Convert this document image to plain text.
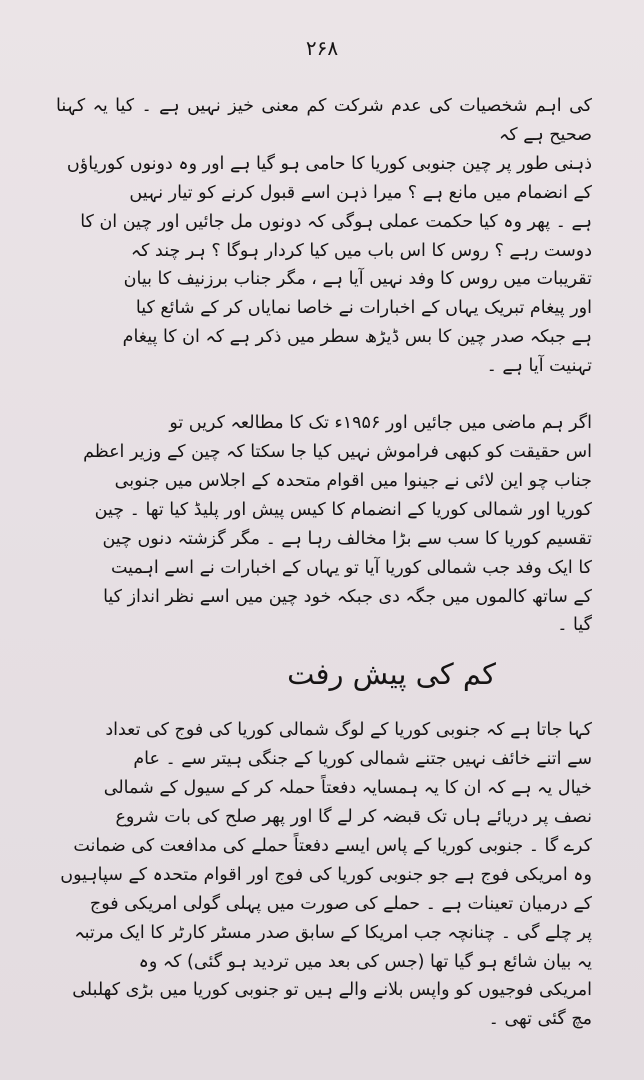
۲۶۸

کی اہم شخصیات کی عدم شرکت کم معنی خیز نہیں ہے ۔ کیا یہ کہنا صحیح ہے کہ
ذہنی طور پر چین جنوبی کوریا کا حامی ہو گیا ہے اور وہ دونوں کوریاؤں
کے انضمام میں مانع ہے ؟ میرا ذہن اسے قبول کرنے کو تیار نہیں
ہے ۔ پھر وہ کیا حکمت عملی ہوگی کہ دونوں مل جائیں اور چین ان کا
دوست رہے ؟ روس کا اس باب میں کیا کردار ہوگا ؟ ہر چند کہ
تقریبات میں روس کا وفد نہیں آیا ہے ، مگر جناب برزنیف کا بیان
اور پیغام تبریک یہاں کے اخبارات نے خاصا نمایاں کر کے شائع کیا
ہے جبکہ صدر چین کا بس ڈیڑھ سطر میں ذکر ہے کہ ان کا پیغام
تہنیت آیا ہے ۔

اگر ہم ماضی میں جائیں اور ۱۹۵۶ء تک کا مطالعہ کریں تو
اس حقیقت کو کبھی فراموش نہیں کیا جا سکتا کہ چین کے وزیر اعظم
جناب چو این لائی نے جینوا میں اقوام متحدہ کے اجلاس میں جنوبی
کوریا اور شمالی کوریا کے انضمام کا کیس پیش اور پلیڈ کیا تھا ۔ چین
تقسیم کوریا کا سب سے بڑا مخالف رہا ہے ۔ مگر گزشتہ دنوں چین
کا ایک وفد جب شمالی کوریا آیا تو یہاں کے اخبارات نے اسے اہمیت
کے ساتھ کالموں میں جگہ دی جبکہ خود چین میں اسے نظر انداز کیا
گیا ۔

کم کی پیش رفت

کہا جاتا ہے کہ جنوبی کوریا کے لوگ شمالی کوریا کی فوج کی تعداد
سے اتنے خائف نہیں جتنے شمالی کوریا کے جنگی ہیتر سے ۔ عام
خیال یہ ہے کہ ان کا یہ ہمسایہ دفعتاً حملہ کر کے سیول کے شمالی
نصف پر دریائے ہاں تک قبضہ کر لے گا اور پھر صلح کی بات شروع
کرے گا ۔ جنوبی کوریا کے پاس ایسے دفعتاً حملے کی مدافعت کی ضمانت
وہ امریکی فوج ہے جو جنوبی کوریا کی فوج اور اقوام متحدہ کے سپاہیوں
کے درمیان تعینات ہے ۔ حملے کی صورت میں پہلی گولی امریکی فوج
پر چلے گی ۔ چنانچہ جب امریکا کے سابق صدر مسٹر کارٹر کا ایک مرتبہ
یہ بیان شائع ہو گیا تھا (جس کی بعد میں تردید ہو گئی) کہ وہ
امریکی فوجیوں کو واپس بلانے والے ہیں تو جنوبی کوریا میں بڑی کھلبلی
مچ گئی تھی ۔
